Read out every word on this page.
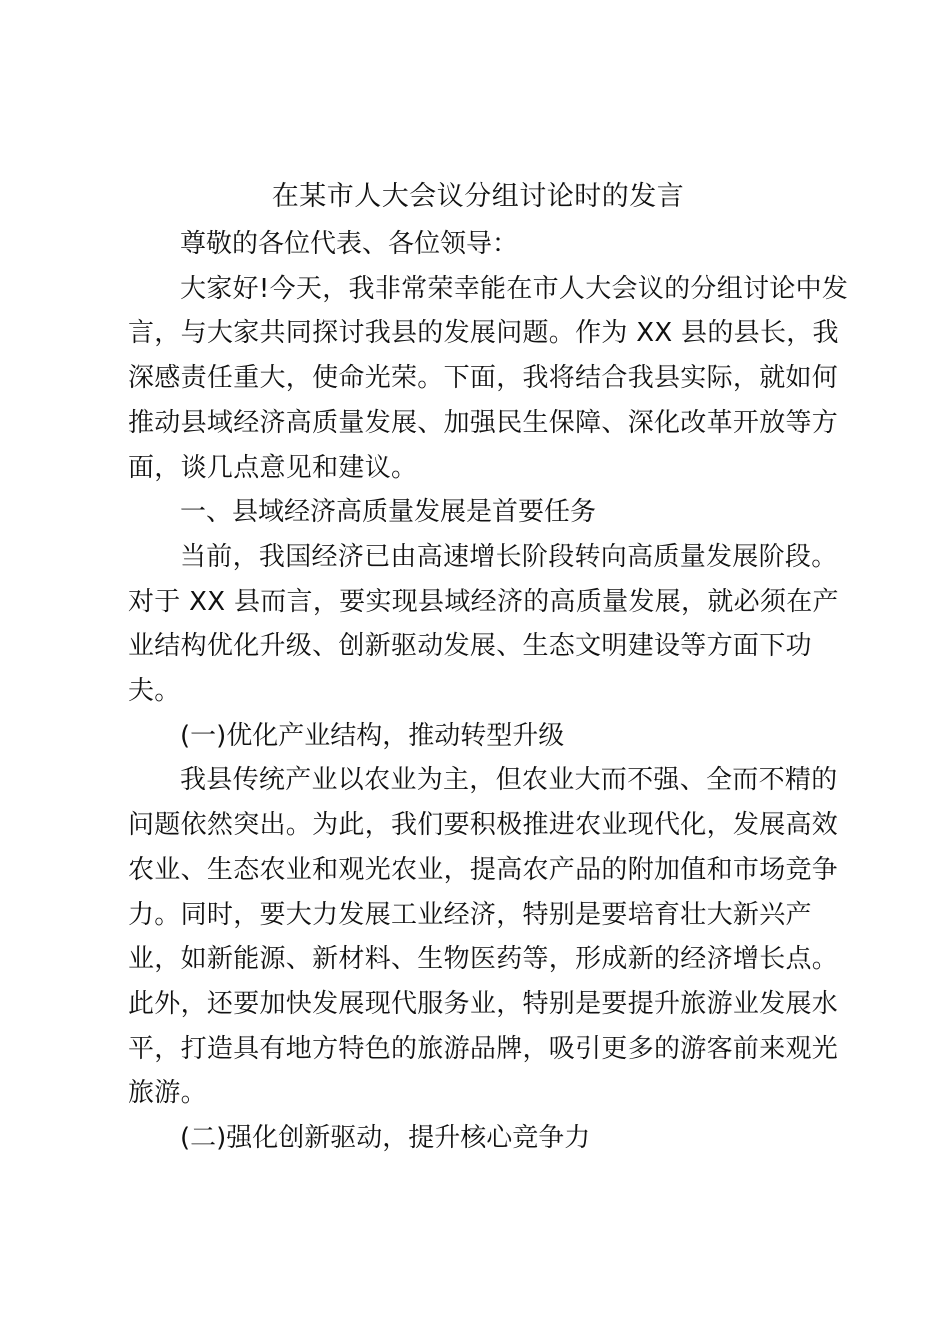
在某市人大会议分组讨论时的发言

尊敬的各位代表、各位领导：

大家好!今天，我非常荣幸能在市人大会议的分组讨论中发
言，与大家共同探讨我县的发展问题。作为 XX 县的县长，我
深感责任重大，使命光荣。下面，我将结合我县实际，就如何
推动县域经济高质量发展、加强民生保障、深化改革开放等方
面，谈几点意见和建议。

一、县域经济高质量发展是首要任务

当前，我国经济已由高速增长阶段转向高质量发展阶段。
对于 XX 县而言，要实现县域经济的高质量发展，就必须在产
业结构优化升级、创新驱动发展、生态文明建设等方面下功
夫。

(一)优化产业结构，推动转型升级

我县传统产业以农业为主，但农业大而不强、全而不精的
问题依然突出。为此，我们要积极推进农业现代化，发展高效
农业、生态农业和观光农业，提高农产品的附加值和市场竞争
力。同时，要大力发展工业经济，特别是要培育壮大新兴产
业，如新能源、新材料、生物医药等，形成新的经济增长点。
此外，还要加快发展现代服务业，特别是要提升旅游业发展水
平，打造具有地方特色的旅游品牌，吸引更多的游客前来观光
旅游。

(二)强化创新驱动，提升核心竞争力
